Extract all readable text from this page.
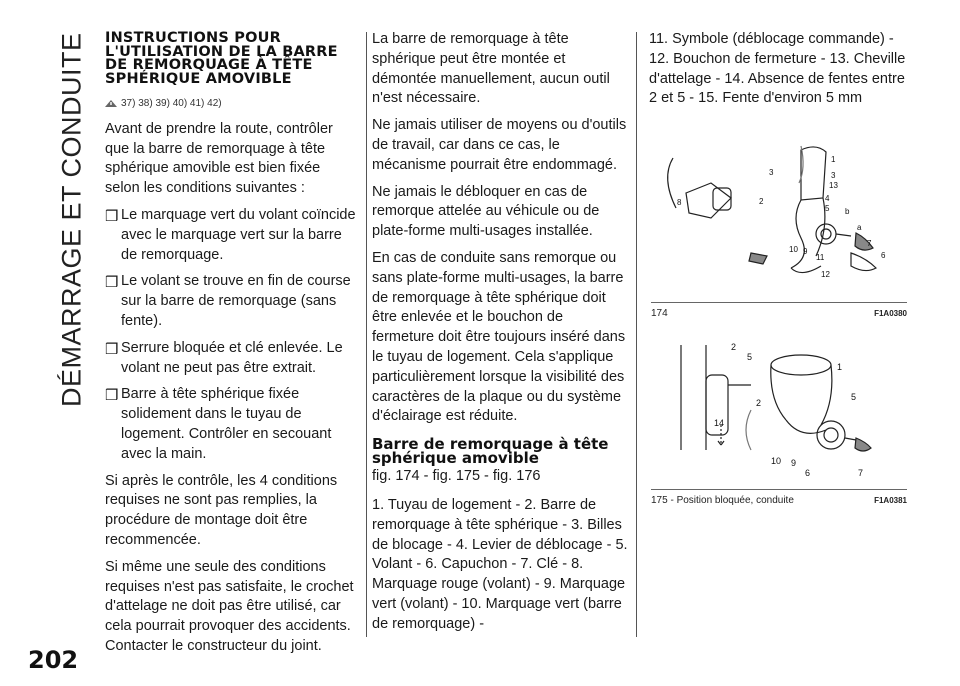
DÉMARRAGE ET CONDUITE
202
INSTRUCTIONS POUR L'UTILISATION DE LA BARRE DE REMORQUAGE À TÊTE SPHÉRIQUE AMOVIBLE
37) 38) 39) 40) 41) 42)

Avant de prendre la route, contrôler que la barre de remorquage à tête sphérique amovible est bien fixée selon les conditions suivantes :

❒ Le marquage vert du volant coïncide avec le marquage vert sur la barre de remorquage.
❒ Le volant se trouve en fin de course sur la barre de remorquage (sans fente).
❒ Serrure bloquée et clé enlevée. Le volant ne peut pas être extrait.
❒ Barre à tête sphérique fixée solidement dans le tuyau de logement. Contrôler en secouant avec la main.

Si après le contrôle, les 4 conditions requises ne sont pas remplies, la procédure de montage doit être recommencée.

Si même une seule des conditions requises n'est pas satisfaite, le crochet d'attelage ne doit pas être utilisé, car cela pourrait provoquer des accidents. Contacter le constructeur du joint.

La barre de remorquage à tête sphérique peut être montée et démontée manuellement, aucun outil n'est nécessaire.

Ne jamais utiliser de moyens ou d'outils de travail, car dans ce cas, le mécanisme pourrait être endommagé.

Ne jamais le débloquer en cas de remorque attelée au véhicule ou de plate-forme multi-usages installée.

En cas de conduite sans remorque ou sans plate-forme multi-usages, la barre de remorquage à tête sphérique doit être enlevée et le bouchon de fermeture doit être toujours inséré dans le tuyau de logement. Cela s'applique particulièrement lorsque la visibilité des caractères de la plaque ou du système d'éclairage est réduite.

Barre de remorquage à tête sphérique amovible

fig. 174 - fig. 175 - fig. 176

1. Tuyau de logement - 2. Barre de remorquage à tête sphérique - 3. Billes de blocage - 4. Levier de déblocage - 5. Volant - 6. Capuchon - 7. Clé - 8. Marquage rouge (volant) - 9. Marquage vert (volant) - 10. Marquage vert (barre de remorquage) -

11. Symbole (déblocage commande) - 12. Bouchon de fermeture - 13. Cheville d'attelage - 14. Absence de fentes entre 2 et 5 - 15. Fente d'environ 5 mm

1
3
13
4
5 b
a
7
6
12
11
9
10
2
3
8
174	F1A0380
2
5
1
5
2
14
10 9
6	7
175 - Position bloquée, conduite	F1A0381
